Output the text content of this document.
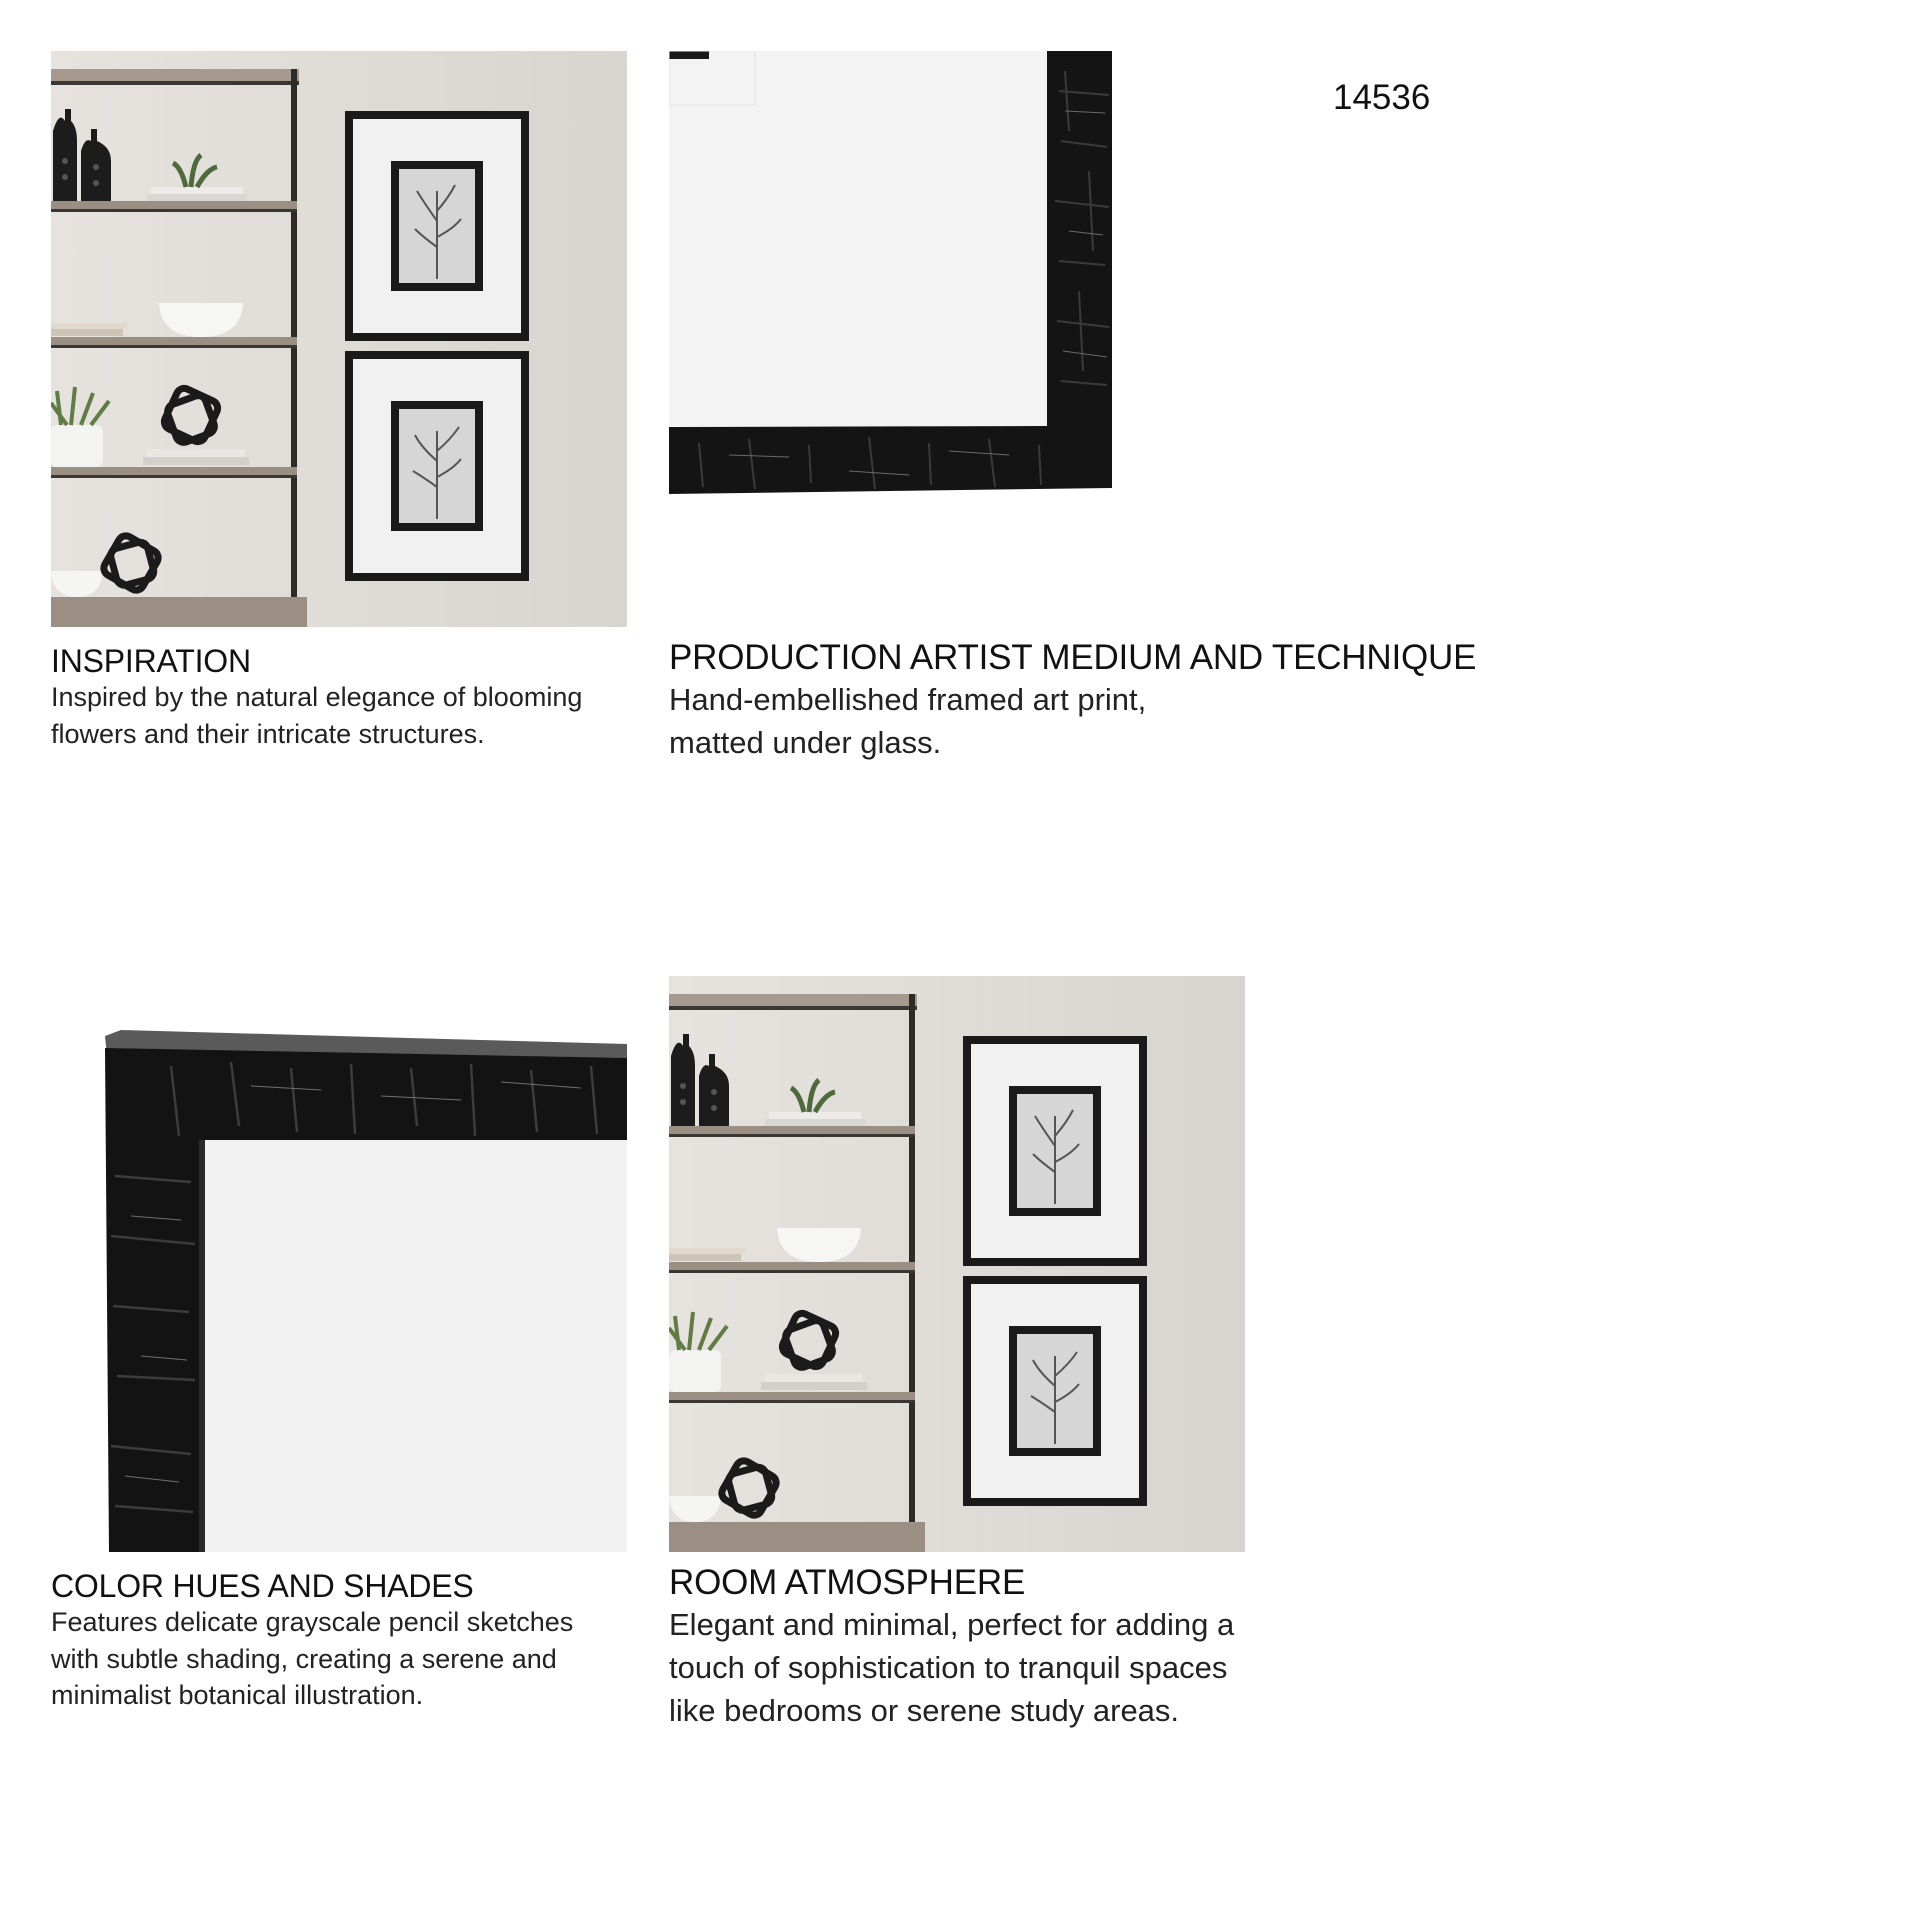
14536
INSPIRATION

Inspired by the natural elegance of blooming flowers and their intricate structures.

PRODUCTION ARTIST MEDIUM AND TECHNIQUE

Hand-embellished framed art print, matted under glass.

COLOR HUES AND SHADES

Features delicate grayscale pencil sketches with subtle shading, creating a serene and minimalist botanical illustration.

ROOM ATMOSPHERE

Elegant and minimal, perfect for adding a touch of sophistication to tranquil spaces like bedrooms or serene study areas.
